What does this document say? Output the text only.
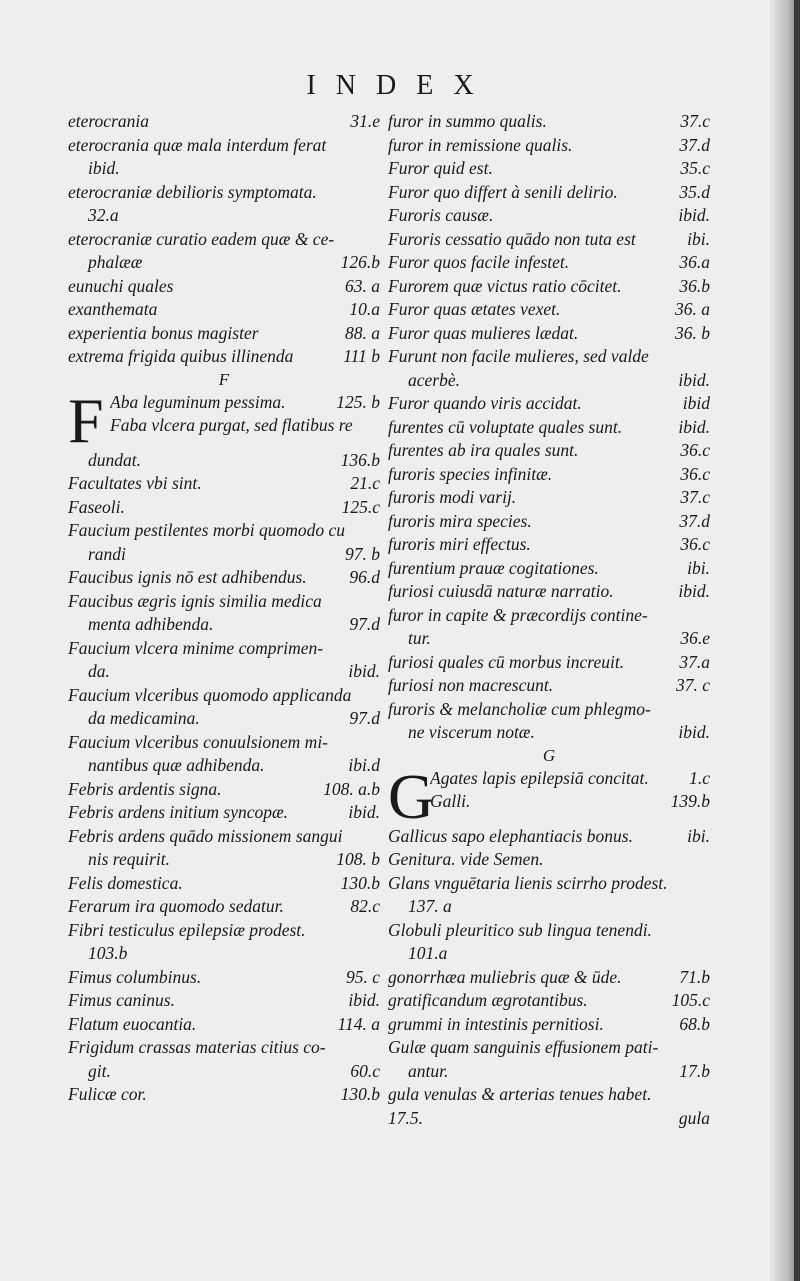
INDEX
eterocrania	31.e
eterocrania quæ mala interdum ferat
ibid.
eterocraniæ debilioris symptomata.
32.a
eterocraniæ curatio eadem quæ & ce-
phalææ	126.b
eunuchi quales	63. a
exanthemata	10.a
experientia bonus magister	88. a
extrema frigida quibus illinenda	111 b
F
F Aba leguminum pessima.	125. b
Faba vlcera purgat, sed flatibus re
dundat.	136.b
Facultates vbi sint.	21.c
Faseoli.	125.c
Faucium pestilentes morbi quomodo cu
randi	97. b
Faucibus ignis nō est adhibendus.	96.d
Faucibus ægris ignis similia medica
menta adhibenda.	97.d
Faucium vlcera minime comprimen-
da.	ibid.
Faucium vlceribus quomodo applicanda
da medicamina.	97.d
Faucium vlceribus conuulsionem mi-
nantibus quæ adhibenda.	ibi.d
Febris ardentis signa.	108. a.b
Febris ardens initium syncopæ.	ibid.
Febris ardens quādo missionem sangui
nis requirit.	108. b
Felis domestica.	130.b
Ferarum ira quomodo sedatur.	82.c
Fibri testiculus epilepsiæ prodest.
103.b
Fimus columbinus.	95. c
Fimus caninus.	ibid.
Flatum euocantia.	114. a
Frigidum crassas materias citius co-
git.	60.c
Fulicæ cor.	130.b
furor in summo qualis.	37.c
furor in remissione qualis.	37.d
Furor quid est.	35.c
Furor quo differt à senili delirio.	35.d
Furoris causæ.	ibid.
Furoris cessatio quādo non tuta est	ibi.
Furor quos facile infestet.	36.a
Furorem quæ victus ratio cōcitet.	36.b
Furor quas ætates vexet.	36. a
Furor quas mulieres lædat.	36. b
Furunt non facile mulieres, sed valde
acerbè.	ibid.
Furor quando viris accidat.	ibid
furentes cū voluptate quales sunt.	ibid.
furentes ab ira quales sunt.	36.c
furoris species infinitæ.	36.c
furoris modi varij.	37.c
furoris mira species.	37.d
furoris miri effectus.	36.c
furentium prauæ cogitationes.	ibi.
furiosi cuiusdā naturæ narratio.	ibid.
furor in capite & præcordijs contine-
tur.	36.e
furiosi quales cū morbus increuit.	37.a
furiosi non macrescunt.	37. c
furoris & melancholiæ cum phlegmo-
ne viscerum notæ.	ibid.
G
G
Agates lapis epilepsiā concitat.	1.c
Galli.	139.b
Gallicus sapo elephantiacis bonus.	ibi.
Genitura. vide Semen.
Glans vnguētaria lienis scirrho prodest.
137. a
Globuli pleuritico sub lingua tenendi.
101.a
gonorrhæa muliebris quæ & ūde.	71.b
gratificandum ægrotantibus.	105.c
grummi in intestinis pernitiosi.	68.b
Gulæ quam sanguinis effusionem pati-
antur.	17.b
gula venulas & arterias tenues habet.
17.5.	gula
